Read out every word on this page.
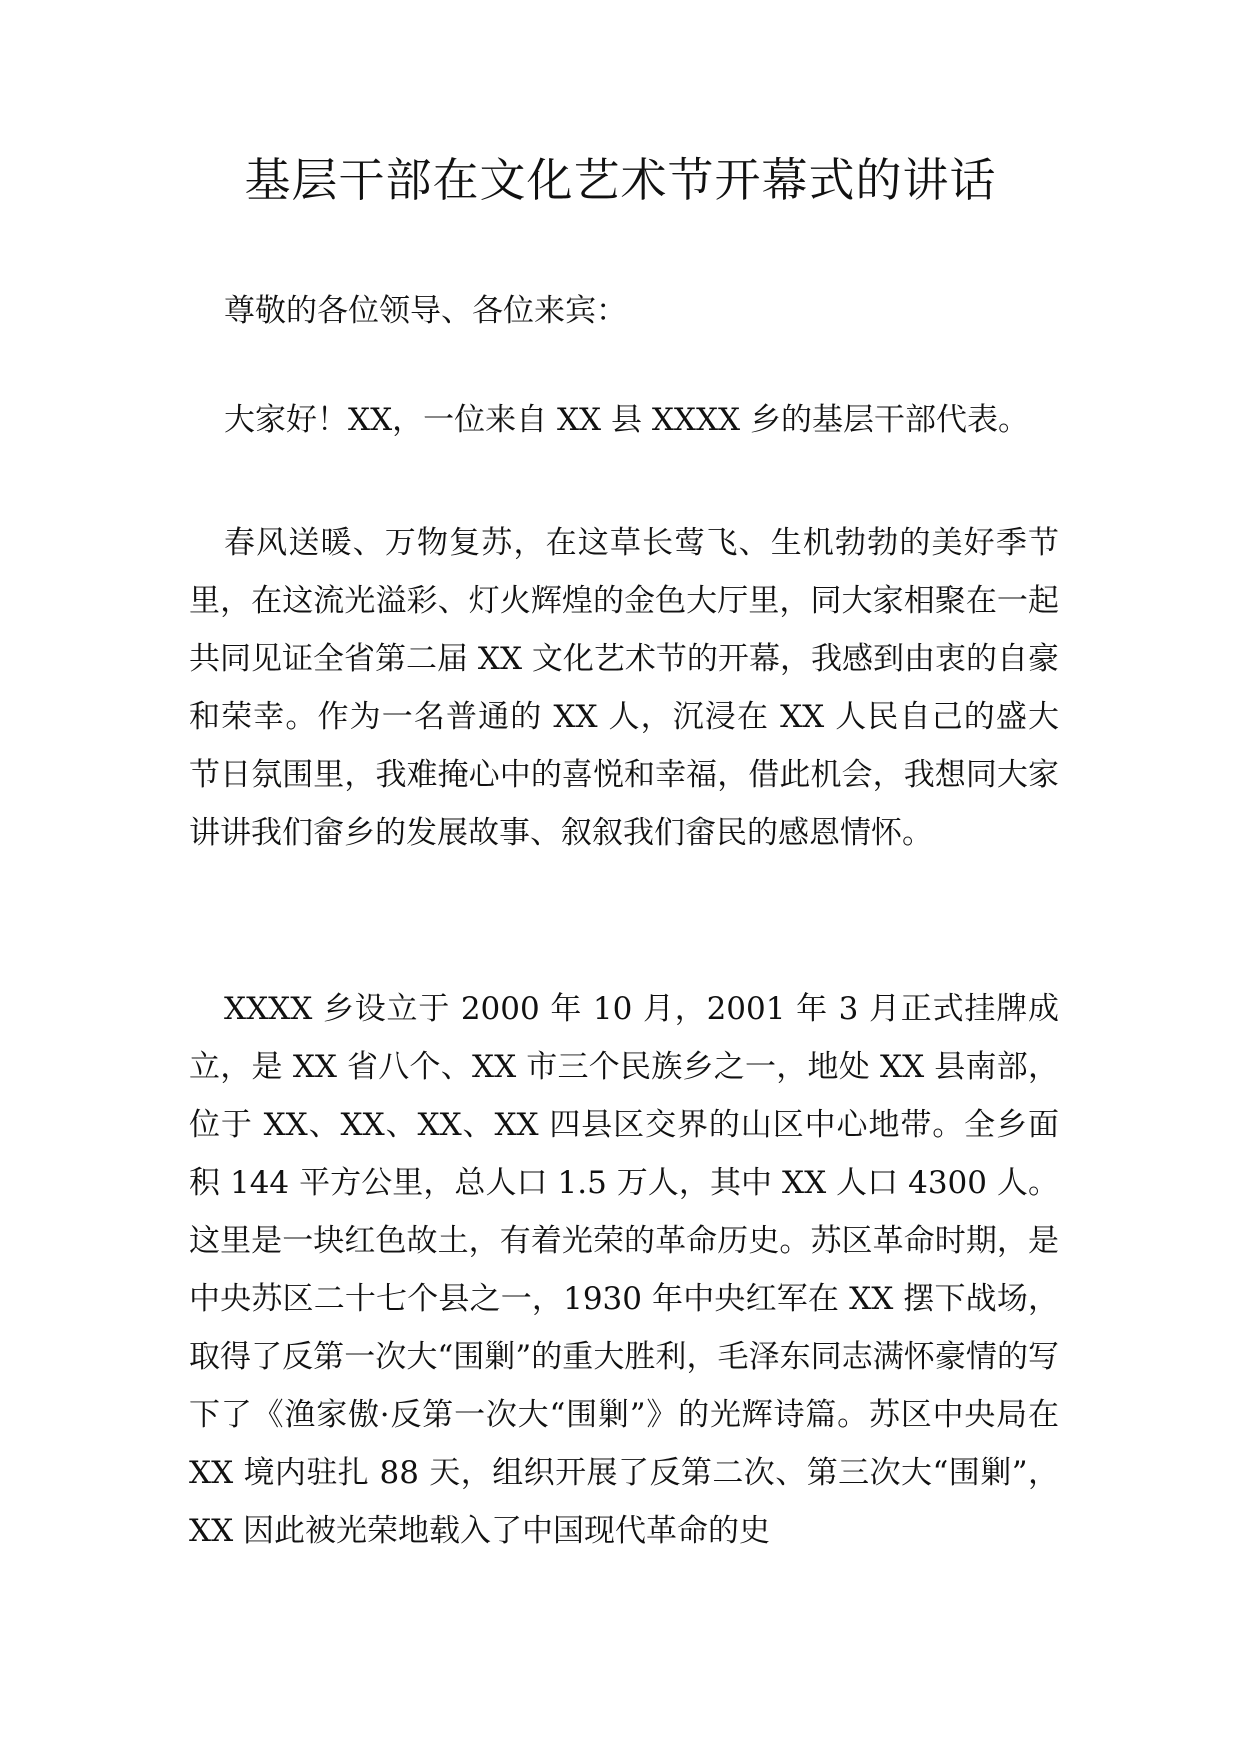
基层干部在文化艺术节开幕式的讲话

尊敬的各位领导、各位来宾：

大家好！XX，一位来自 XX 县 XXXX 乡的基层干部代表。

春风送暖、万物复苏，在这草长莺飞、生机勃勃的美好季节里，在这流光溢彩、灯火辉煌的金色大厅里，同大家相聚在一起共同见证全省第二届 XX 文化艺术节的开幕，我感到由衷的自豪和荣幸。作为一名普通的 XX 人，沉浸在 XX 人民自己的盛大节日氛围里，我难掩心中的喜悦和幸福，借此机会，我想同大家讲讲我们畲乡的发展故事、叙叙我们畲民的感恩情怀。

XXXX 乡设立于 2000 年 10 月，2001 年 3 月正式挂牌成立，是 XX 省八个、XX 市三个民族乡之一，地处 XX 县南部，位于 XX、XX、XX、XX 四县区交界的山区中心地带。全乡面积 144 平方公里，总人口 1.5 万人，其中 XX 人口 4300 人。这里是一块红色故土，有着光荣的革命历史。苏区革命时期，是中央苏区二十七个县之一，1930 年中央红军在 XX 摆下战场，取得了反第一次大“围剿”的重大胜利，毛泽东同志满怀豪情的写下了《渔家傲·反第一次大“围剿”》的光辉诗篇。苏区中央局在 XX 境内驻扎 88 天，组织开展了反第二次、第三次大“围剿”，XX 因此被光荣地载入了中国现代革命的史
